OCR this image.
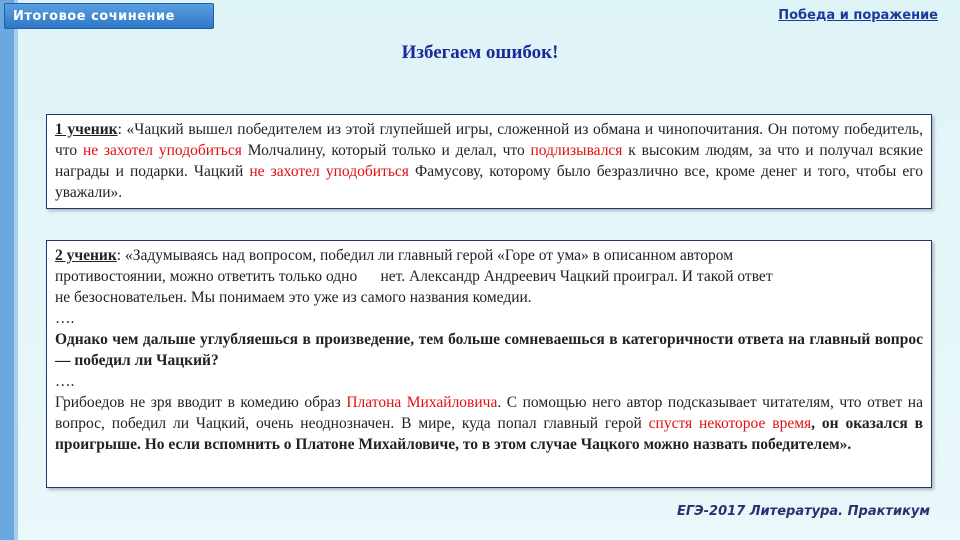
Итоговое сочинение	Победа и поражение
Избегаем ошибок!

1 ученик: «Чацкий вышел победителем из этой глупейшей игры, сложенной из обмана и чинопочитания. Он потому победитель, что не захотел уподобиться Молчалину, который только и делал, что подлизывался к высоким людям, за что и получал всякие награды и подарки. Чацкий не захотел уподобиться Фамусову, которому было безразлично все, кроме денег и того, чтобы его уважали».

2 ученик: «Задумываясь над вопросом, победил ли главный герой «Горе от ума» в описанном автором

противостоянии, можно ответить только одно      нет. Александр Андреевич Чацкий проиграл. И такой ответ

не безосновательен. Мы понимаем это уже из самого названия комедии.

….

Однако чем дальше углубляешься в произведение, тем больше сомневаешься в категоричности ответа на главный вопрос — победил ли Чацкий?

….

Грибоедов не зря вводит в комедию образ Платона Михайловича. С помощью него автор подсказывает читателям, что ответ на вопрос, победил ли Чацкий, очень неоднозначен. В мире, куда попал главный герой спустя некоторое время, он оказался в проигрыше. Но если вспомнить о Платоне Михайловиче, то в этом случае Чацкого можно назвать победителем».

ЕГЭ-2017 Литература. Практикум
